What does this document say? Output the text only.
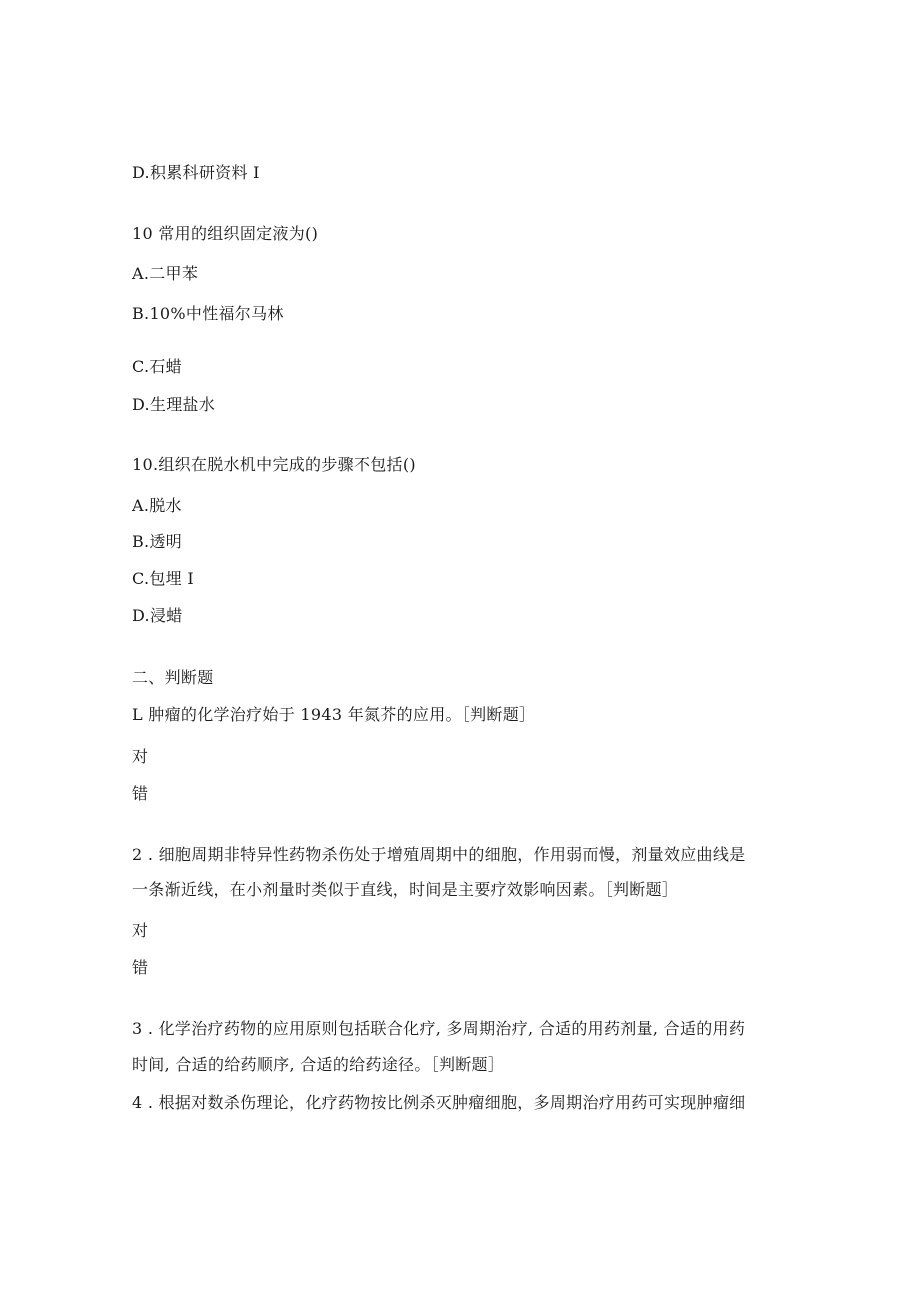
D.积累科研资料 I
10 常用的组织固定液为()
A.二甲苯
B.10%中性福尔马林
C.石蜡
D.生理盐水
10.组织在脱水机中完成的步骤不包括()
A.脱水
B.透明
C.包埋 I
D.浸蜡
二、判断题
L 肿瘤的化学治疗始于 1943 年氮芥的应用。［判断题］
对
错
2 . 细胞周期非特异性药物杀伤处于增殖周期中的细胞，作用弱而慢，剂量效应曲线是
一条渐近线，在小剂量时类似于直线，时间是主要疗效影响因素。［判断题］
对
错
3 . 化学治疗药物的应用原则包括联合化疗, 多周期治疗, 合适的用药剂量, 合适的用药
时间, 合适的给药顺序, 合适的给药途径。［判断题］
4 . 根据对数杀伤理论，化疗药物按比例杀灭肿瘤细胞，多周期治疗用药可实现肿瘤细
